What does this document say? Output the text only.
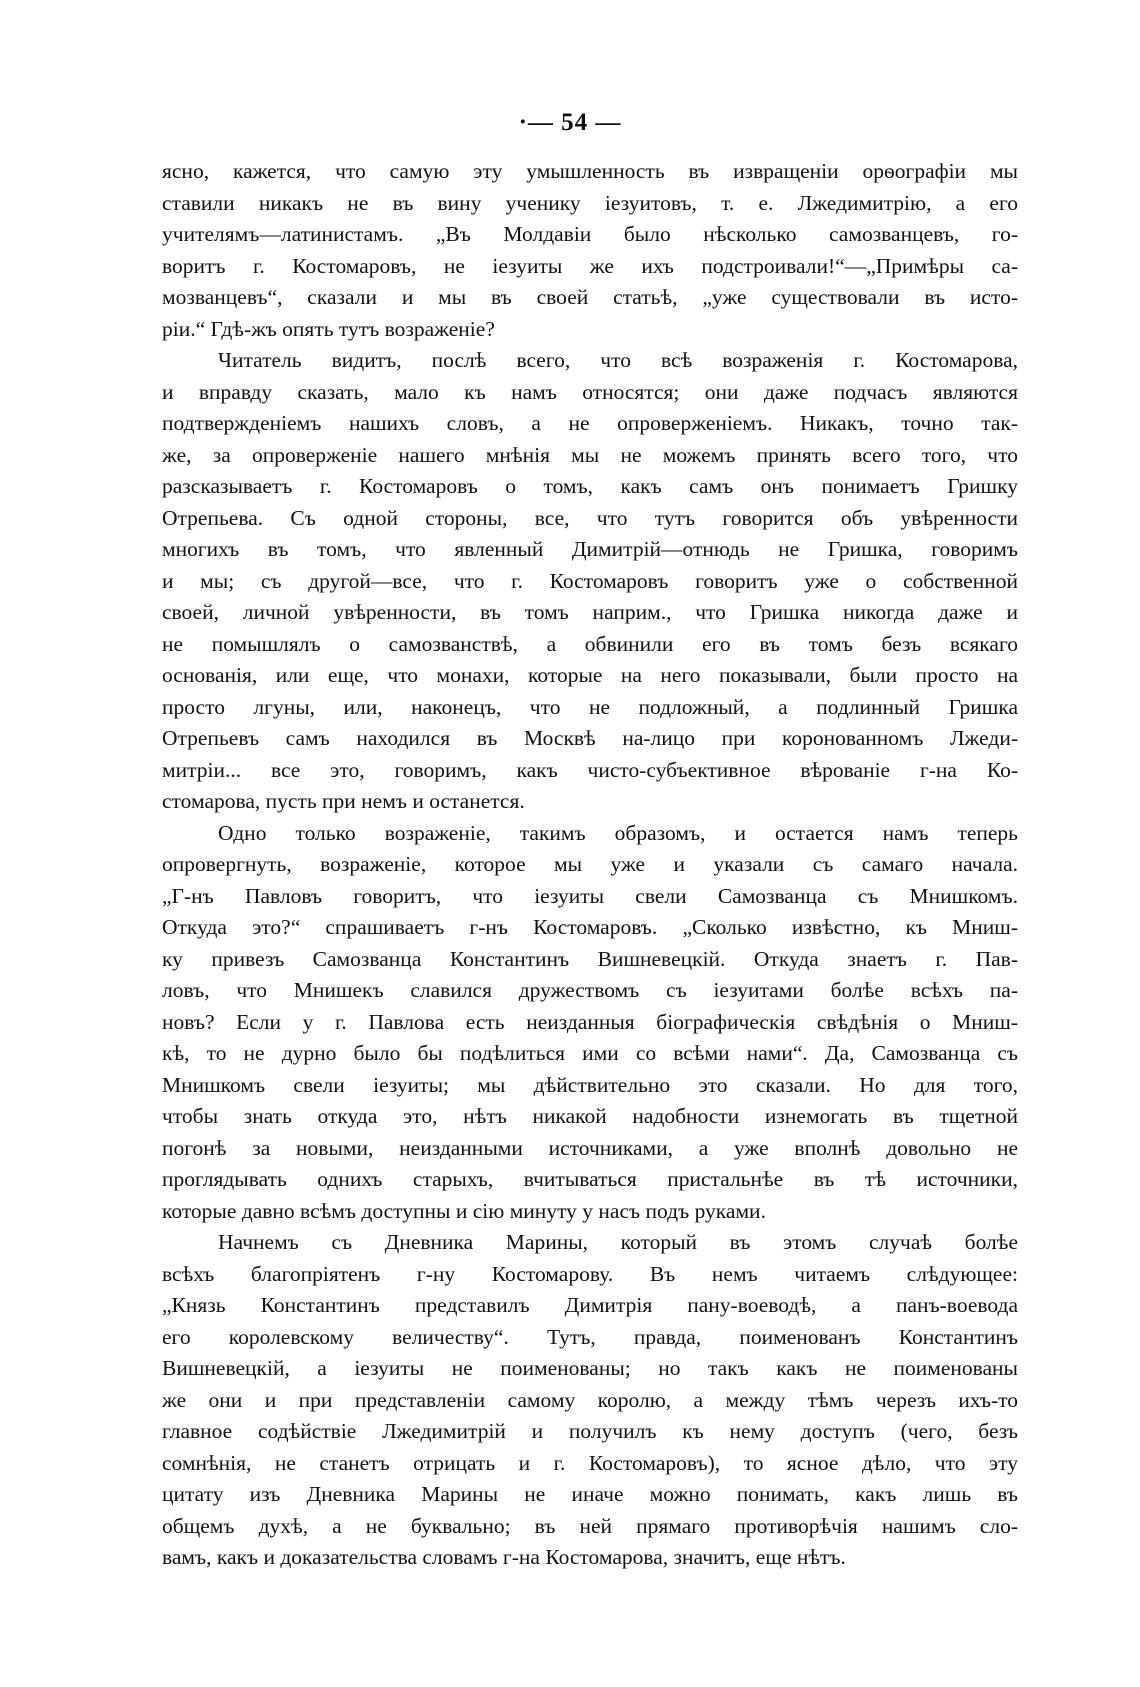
·— 54 —
ясно, кажется, что самую эту умышленность въ извращеніи орѳографіи мы
ставили никакъ не въ вину ученику іезуитовъ, т. е. Лжедимитрію, а его
учителямъ—латинистамъ. „Въ Молдавіи было нѣсколько самозванцевъ, го-
воритъ г. Костомаровъ, не іезуиты же ихъ подстроивали!“—„Примѣры са-
мозванцевъ“, сказали и мы въ своей статьѣ, „уже существовали въ исто-
ріи.“ Гдѣ-жъ опять тутъ возраженіе?
Читатель видитъ, послѣ всего, что всѣ возраженія г. Костомарова,
и вправду сказать, мало къ намъ относятся; они даже подчасъ являются
подтвержденіемъ нашихъ словъ, а не опроверженіемъ. Никакъ, точно так-
же, за опроверженіе нашего мнѣнія мы не можемъ принять всего того, что
разсказываетъ г. Костомаровъ о томъ, какъ самъ онъ понимаетъ Гришку
Отрепьева. Съ одной стороны, все, что тутъ говорится объ увѣренности
многихъ въ томъ, что явленный Димитрій—отнюдь не Гришка, говоримъ
и мы; съ другой—все, что г. Костомаровъ говоритъ уже о собственной
своей, личной увѣренности, въ томъ наприм., что Гришка никогда даже и
не помышлялъ о самозванствѣ, а обвинили его въ томъ безъ всякаго
основанія, или еще, что монахи, которые на него показывали, были просто на
просто лгуны, или, наконецъ, что не подложный, а подлинный Гришка
Отрепьевъ самъ находился въ Москвѣ на-лицо при коронованномъ Лжеди-
митріи... все это, говоримъ, какъ чисто-субъективное вѣрованіе г-на Ко-
стомарова, пусть при немъ и останется.
Одно только возраженіе, такимъ образомъ, и остается намъ теперь
опровергнуть, возраженіе, которое мы уже и указали съ самаго начала.
„Г-нъ Павловъ говоритъ, что іезуиты свели Самозванца съ Мнишкомъ.
Откуда это?“ спрашиваетъ г-нъ Костомаровъ. „Сколько извѣстно, къ Мниш-
ку привезъ Самозванца Константинъ Вишневецкій. Откуда знаетъ г. Пав-
ловъ, что Мнишекъ славился дружествомъ съ іезуитами болѣе всѣхъ па-
новъ? Если у г. Павлова есть неизданныя біографическія свѣдѣнія о Мниш-
кѣ, то не дурно было бы подѣлиться ими со всѣми нами“. Да, Самозванца съ
Мнишкомъ свели іезуиты; мы дѣйствительно это сказали. Но для того,
чтобы знать откуда это, нѣтъ никакой надобности изнемогать въ тщетной
погонѣ за новыми, неизданными источниками, а уже вполнѣ довольно не
проглядывать однихъ старыхъ, вчитываться пристальнѣе въ тѣ источники,
которые давно всѣмъ доступны и сію минуту у насъ подъ руками.
Начнемъ съ Дневника Марины, который въ этомъ случаѣ болѣе
всѣхъ благопріятенъ г-ну Костомарову. Въ немъ читаемъ слѣдующее:
„Князь Константинъ представилъ Димитрія пану-воеводѣ, а панъ-воевода
его королевскому величеству“. Тутъ, правда, поименованъ Константинъ
Вишневецкій, а іезуиты не поименованы; но такъ какъ не поименованы
же они и при представленіи самому королю, а между тѣмъ черезъ ихъ-то
главное содѣйствіе Лжедимитрій и получилъ къ нему доступъ (чего, безъ
сомнѣнія, не станетъ отрицать и г. Костомаровъ), то ясное дѣло, что эту
цитату изъ Дневника Марины не иначе можно понимать, какъ лишь въ
общемъ духѣ, а не буквально; въ ней прямаго противорѣчія нашимъ сло-
вамъ, какъ и доказательства словамъ г-на Костомарова, значитъ, еще нѣтъ.
